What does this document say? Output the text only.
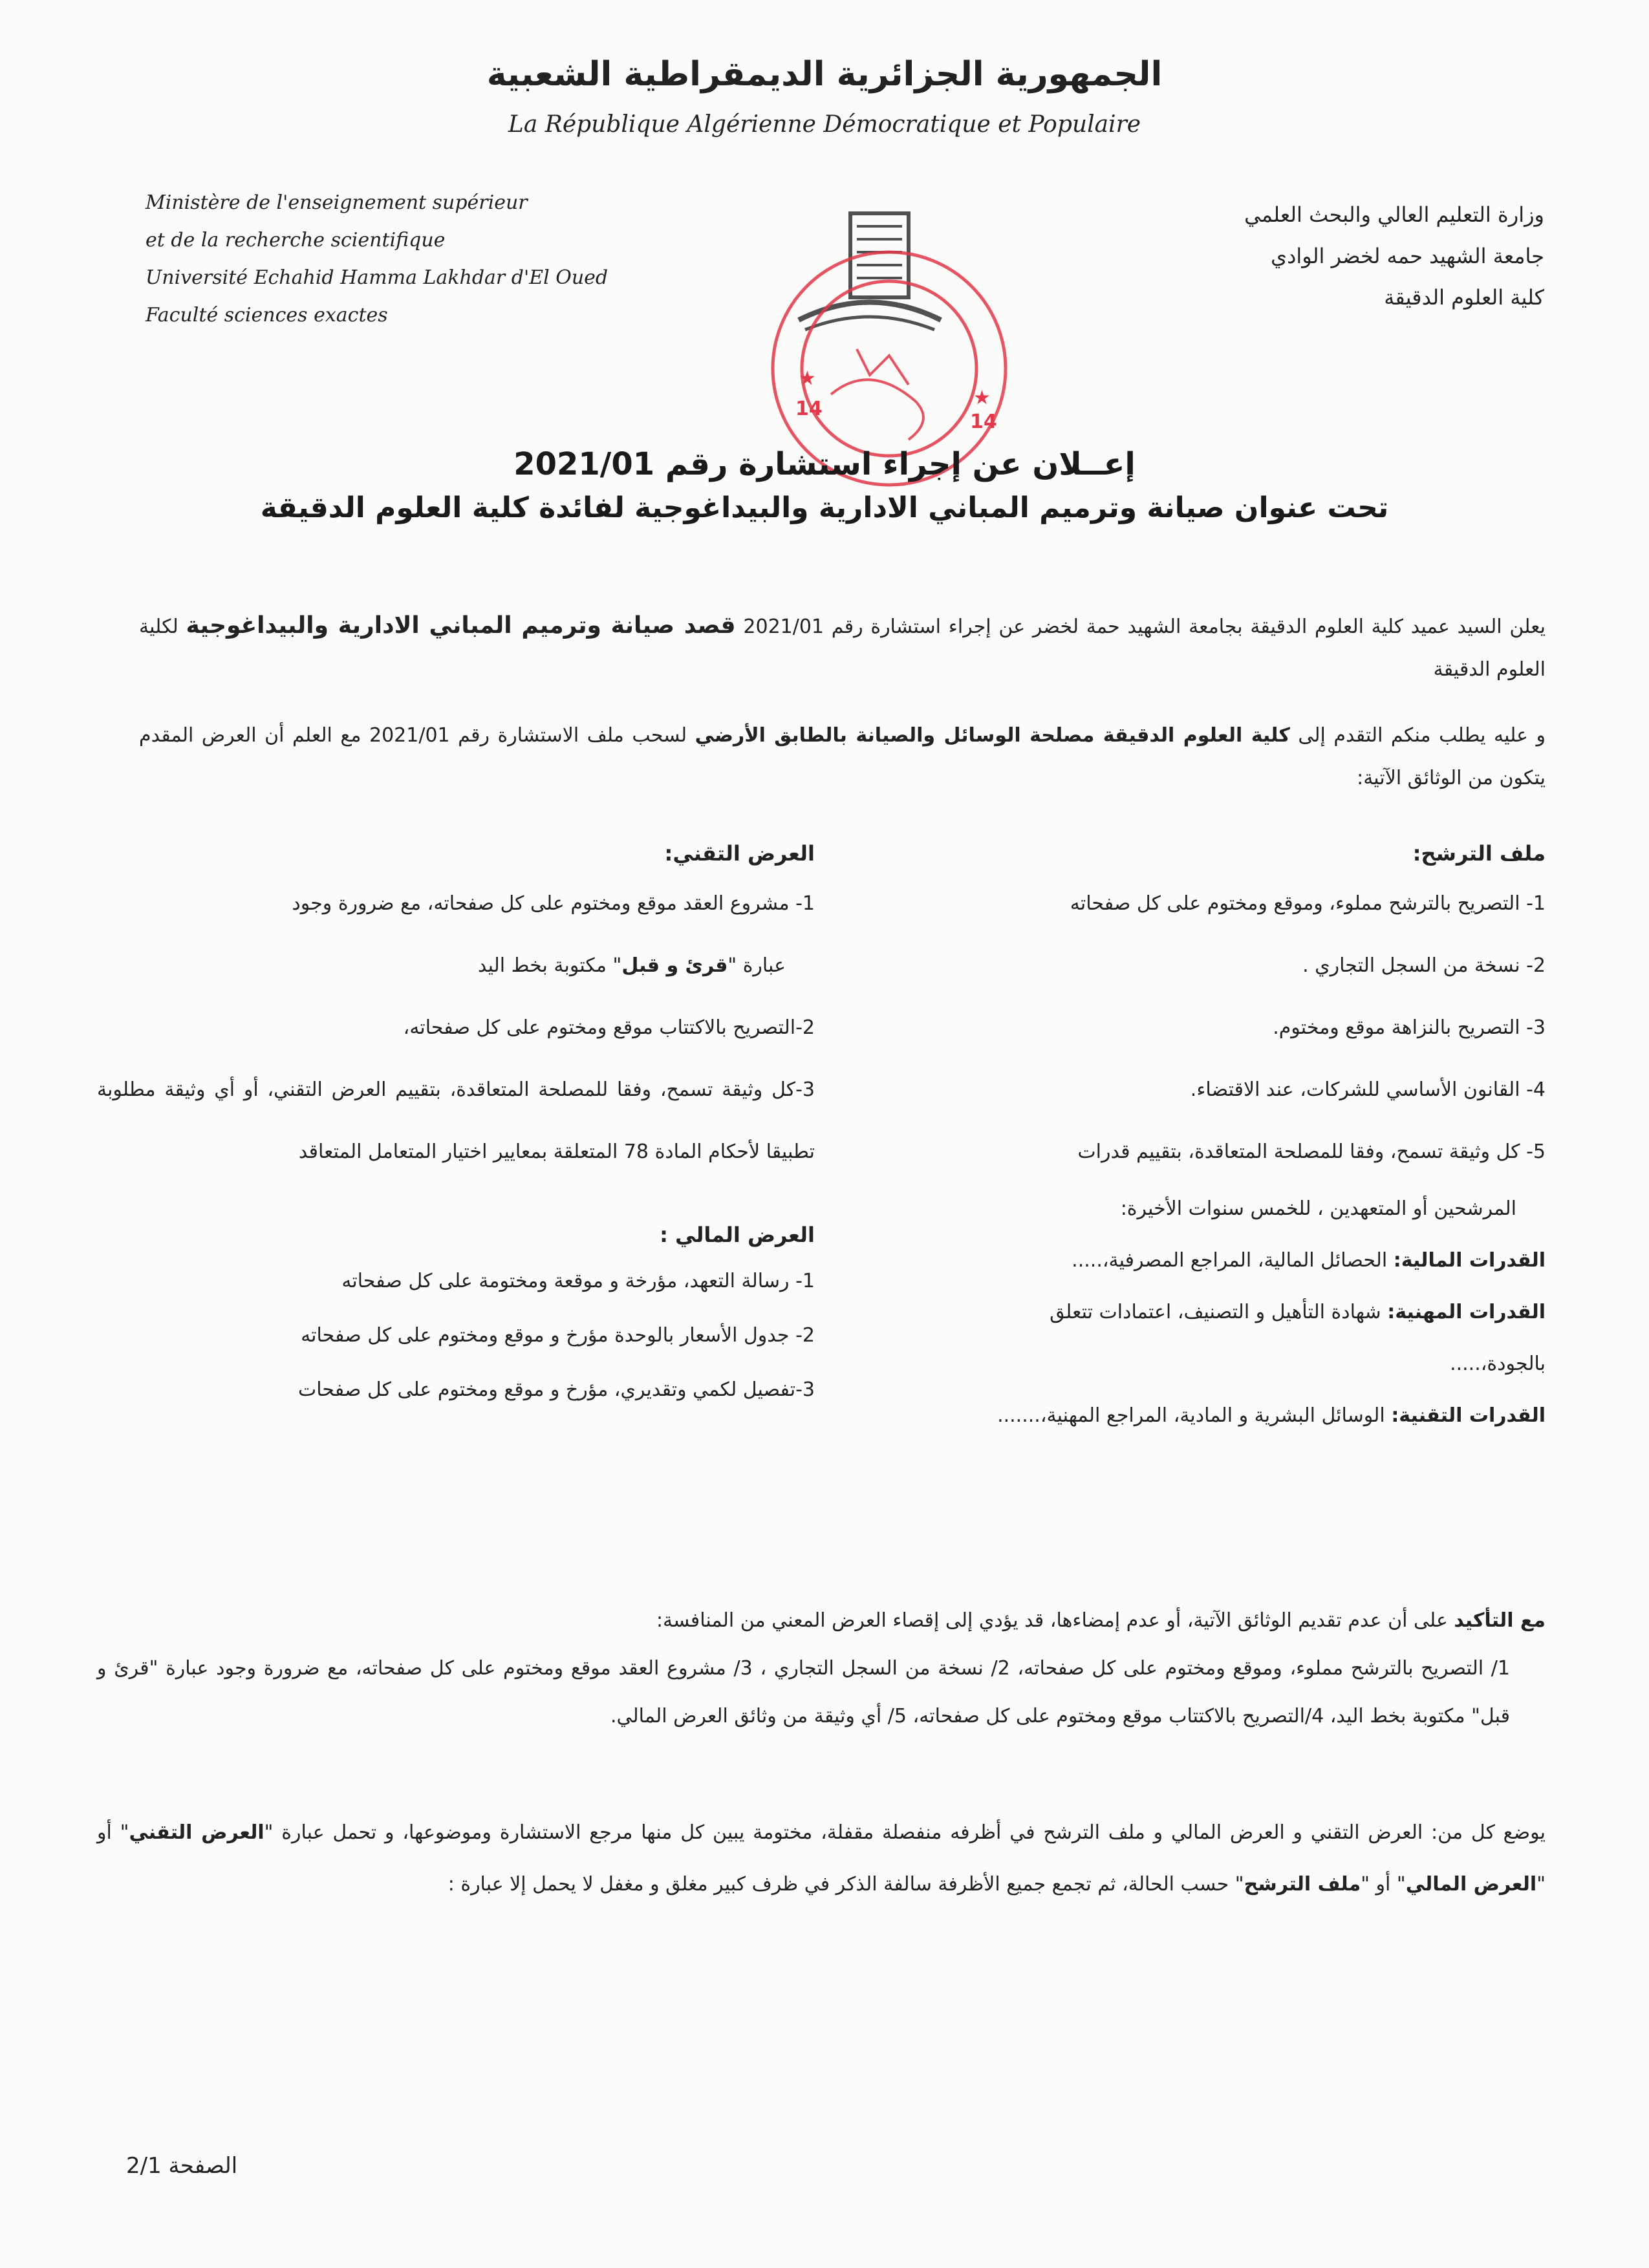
الجمهورية الجزائرية الديمقراطية الشعبية
La République Algérienne Démocratique et Populaire
Ministère de l'enseignement supérieur
et de la recherche scientifique
Université Echahid Hamma Lakhdar d'El Oued
Faculté sciences exactes
وزارة التعليم العالي والبحث العلمي
جامعة الشهيد حمه لخضر الوادي
كلية العلوم الدقيقة
14
14
★
★
إعــلان عن إجراء استشارة رقم 2021/01
تحت عنوان صيانة وترميم المباني الادارية والبيداغوجية لفائدة كلية العلوم الدقيقة
يعلن السيد عميد كلية العلوم الدقيقة بجامعة الشهيد حمة لخضر عن إجراء استشارة رقم 2021/01 قصد صيانة وترميم المباني الادارية والبيداغوجية لكلية العلوم الدقيقة
و عليه يطلب منكم التقدم إلى كلية العلوم الدقيقة مصلحة الوسائل والصيانة بالطابق الأرضي لسحب ملف الاستشارة رقم 2021/01 مع العلم أن العرض المقدم يتكون من الوثائق الآتية:
ملف الترشح:
1- التصريح بالترشح مملوء، وموقع ومختوم على كل صفحاته
2- نسخة من السجل التجاري .
3- التصريح بالنزاهة موقع ومختوم.
4- القانون الأساسي للشركات، عند الاقتضاء.
5- كل وثيقة تسمح، وفقا للمصلحة المتعاقدة، بتقييم قدرات
المرشحين أو المتعهدين ، للخمس سنوات الأخيرة:
القدرات المالية: الحصائل المالية، المراجع المصرفية،.....
القدرات المهنية: شهادة التأهيل و التصنيف، اعتمادات تتعلق
بالجودة،.....
القدرات التقنية: الوسائل البشرية و المادية، المراجع المهنية،.......
العرض التقني:
1- مشروع العقد موقع ومختوم على كل صفحاته، مع ضرورة وجود
عبارة "قرئ و قبل" مكتوبة بخط اليد
2-التصريح بالاكتتاب موقع ومختوم على كل صفحاته،
3-كل وثيقة تسمح، وفقا للمصلحة المتعاقدة، بتقييم العرض التقني، أو أي وثيقة مطلوبة تطبيقا لأحكام المادة 78 المتعلقة بمعايير اختيار المتعامل المتعاقد
العرض المالي :
1- رسالة التعهد، مؤرخة و موقعة ومختومة على كل صفحاته
2- جدول الأسعار بالوحدة مؤرخ و موقع ومختوم على كل صفحاته
3-تفصيل لكمي وتقديري، مؤرخ و موقع ومختوم على كل صفحات
مع التأكيد على أن عدم تقديم الوثائق الآتية، أو عدم إمضاءها، قد يؤدي إلى إقصاء العرض المعني من المنافسة:
1/ التصريح بالترشح مملوء، وموقع ومختوم على كل صفحاته، 2/ نسخة من السجل التجاري ، 3/ مشروع العقد موقع ومختوم على كل صفحاته، مع ضرورة وجود عبارة "قرئ و قبل" مكتوبة بخط اليد، 4/التصريح بالاكتتاب موقع ومختوم على كل صفحاته، 5/ أي وثيقة من وثائق العرض المالي.
يوضع كل من: العرض التقني و العرض المالي و ملف الترشح في أظرفه منفصلة مقفلة، مختومة يبين كل منها مرجع الاستشارة وموضوعها، و تحمل عبارة "العرض التقني" أو "العرض المالي" أو "ملف الترشح" حسب الحالة، ثم تجمع جميع الأظرفة سالفة الذكر في ظرف كبير مغلق و مغفل لا يحمل إلا عبارة :
الصفحة 2/1
